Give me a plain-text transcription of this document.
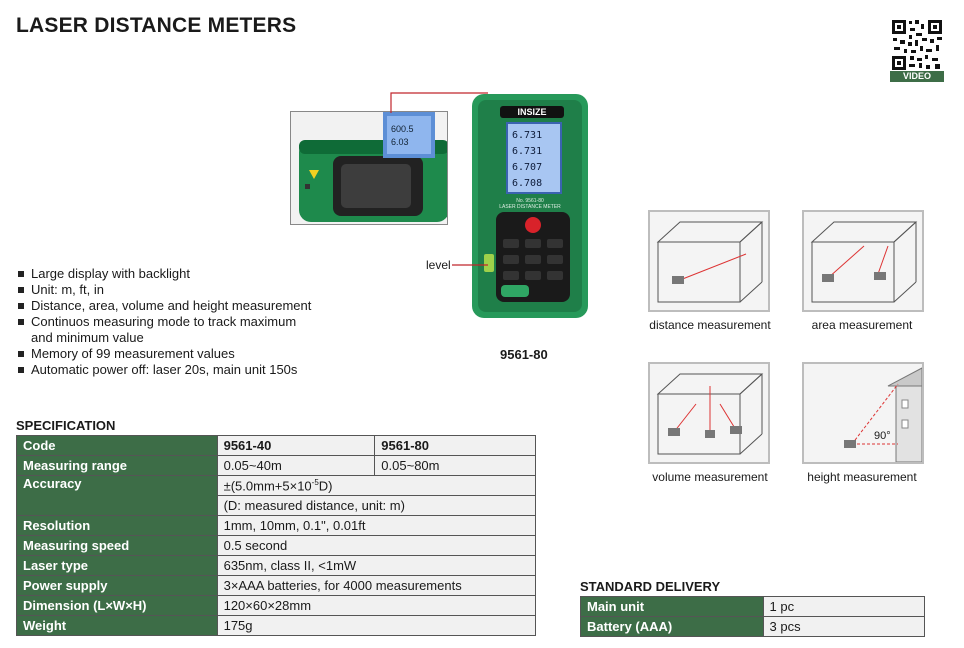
LASER DISTANCE METERS
VIDEO
Large display with backlight
Unit: m, ft, in
Distance, area, volume and height measurement
Continuos measuring mode to track maximum
and minimum value
Memory of 99 measurement values
Automatic power off: laser 20s, main unit 150s
600.5
6.03
INSIZE
6.731
6.731
6.707
6.708
No. 9561-80
LASER DISTANCE METER
level
9561-80
distance measurement	area measurement
volume measurement
90°
height measurement
SPECIFICATION
Code	9561-40	9561-80
Measuring range	0.05~40m	0.05~80m
Accuracy	$\pm(5.0mm+5\times 10^{-5}D)$	
	(D: measured distance, unit: m)	
Resolution	1mm, 10mm, 0.1", 0.01ft	
Measuring speed	0.5 second	
Laser type	635nm, class II, <1mW	
Power supply	3×AAA batteries, for 4000 measurements	
Dimension (L×W×H)	120×60×28mm	
Weight	175g	
STANDARD DELIVERY
Main unit	1 pc
Battery (AAA)	3 pcs
